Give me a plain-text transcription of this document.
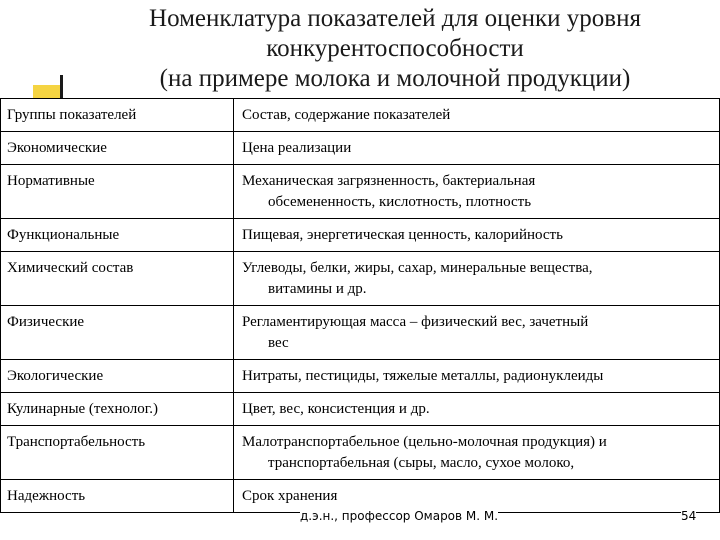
Номенклатура показателей для оценки уровня
конкурентоспособности
(на примере молока и молочной продукции)
Группы показателей	Состав, содержание показателей
Экономические	Цена реализации

Нормативные	Механическая загрязненность, бактериальная
обсемененность, кислотность, плотность

Функциональные	Пищевая, энергетическая ценность, калорийность

Химический состав	Углеводы, белки, жиры, сахар, минеральные вещества,
витамины и др.

Физические	Регламентирующая масса – физический вес, зачетный
вес

Экологические	Нитраты, пестициды, тяжелые металлы, радионуклеиды

Кулинарные (технолог.)	Цвет, вес, консистенция и др.

Транспортабельность	Малотранспортабельное (цельно-молочная продукция) и
транспортабельная (сыры, масло, сухое молоко,

Надежность	Срок хранения
д.э.н., профессор Омаров М. М.	54
